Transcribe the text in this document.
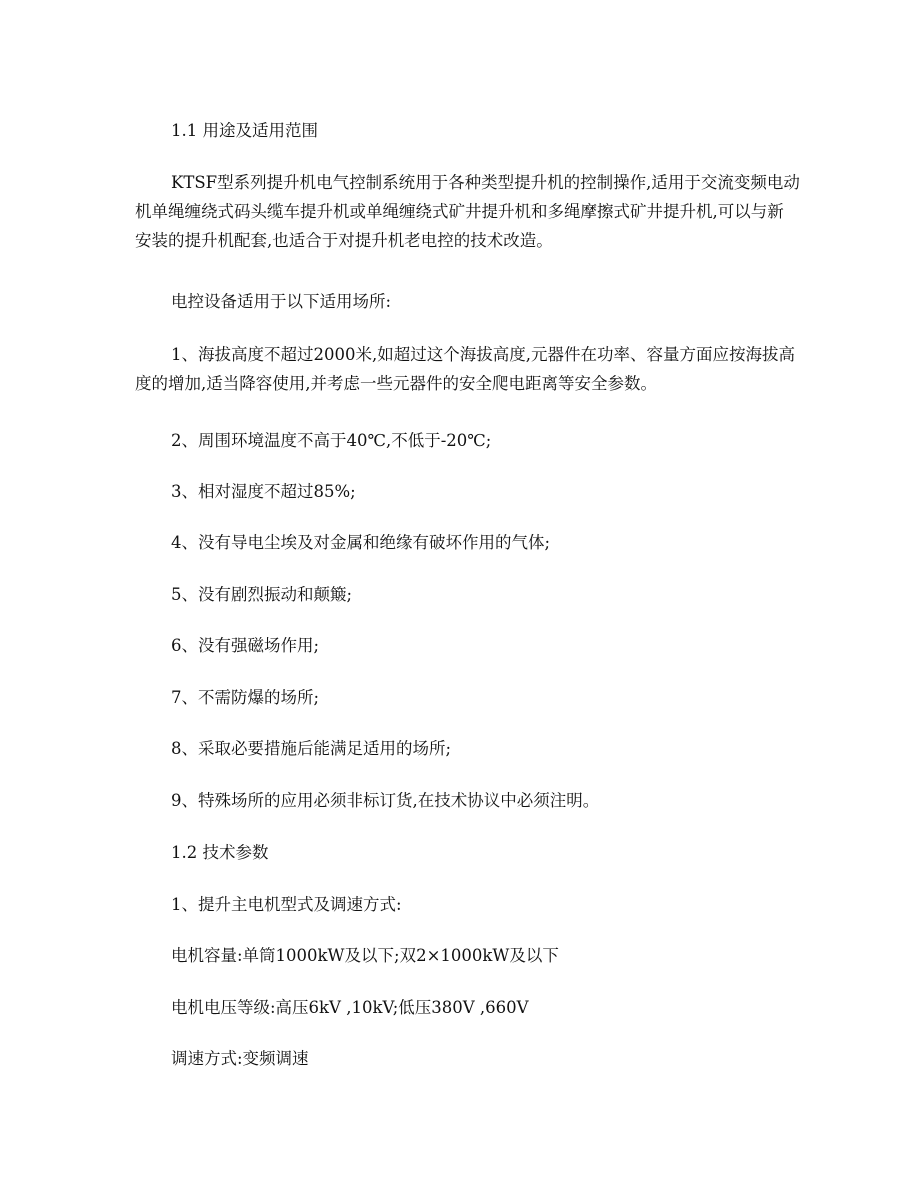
1.1 用途及适用范围

KTSF型系列提升机电气控制系统用于各种类型提升机的控制操作,适用于交流变频电动机单绳缠绕式码头缆车提升机或单绳缠绕式矿井提升机和多绳摩擦式矿井提升机,可以与新安装的提升机配套,也适合于对提升机老电控的技术改造。

电控设备适用于以下适用场所:

1、海拔高度不超过2000米,如超过这个海拔高度,元器件在功率、容量方面应按海拔高度的增加,适当降容使用,并考虑一些元器件的安全爬电距离等安全参数。

2、周围环境温度不高于40℃,不低于-20℃;

3、相对湿度不超过85%;

4、没有导电尘埃及对金属和绝缘有破坏作用的气体;

5、没有剧烈振动和颠簸;

6、没有强磁场作用;

7、不需防爆的场所;

8、采取必要措施后能满足适用的场所;

9、特殊场所的应用必须非标订货,在技术协议中必须注明。

1.2 技术参数

1、提升主电机型式及调速方式:

电机容量:单筒1000kW及以下;双2×1000kW及以下

电机电压等级:高压6kV ,10kV;低压380V ,660V

调速方式:变频调速
